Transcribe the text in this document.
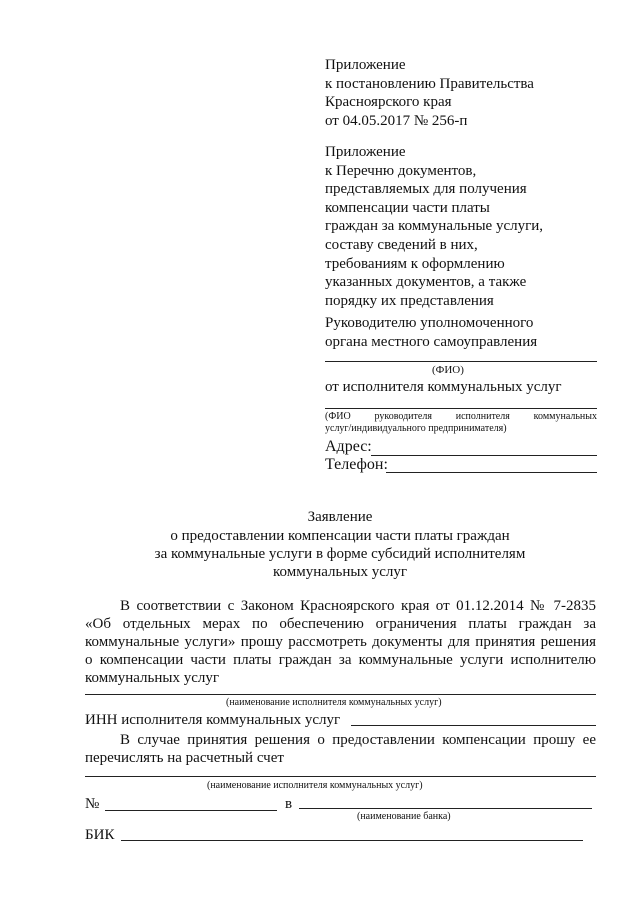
Приложение
к постановлению Правительства
Красноярского края
от 04.05.2017 № 256-п
Приложение
к Перечню документов,
представляемых для получения
компенсации части платы
граждан за коммунальные услуги,
составу сведений в них,
требованиям к оформлению
указанных документов, а также
порядку их представления
Руководителю уполномоченного
органа местного самоуправления
(ФИО)
от исполнителя коммунальных услуг
(ФИО руководителя исполнителя коммунальных
услуг/индивидуального предпринимателя)
Адрес:
Телефон:
Заявление
о предоставлении компенсации части платы граждан
за коммунальные услуги в форме субсидий исполнителям
коммунальных услуг
В соответствии с Законом Красноярского края от 01.12.2014 № 7-2835
«Об отдельных мерах по обеспечению ограничения платы граждан за
коммунальные услуги» прошу рассмотреть документы для принятия решения
о компенсации части платы граждан за коммунальные услуги исполнителю
коммунальных услуг
(наименование исполнителя коммунальных услуг)
ИНН исполнителя коммунальных услуг
В случае принятия решения о предоставлении компенсации прошу ее
перечислять на расчетный счет
(наименование исполнителя коммунальных услуг)
№	в
(наименование банка)
БИК
